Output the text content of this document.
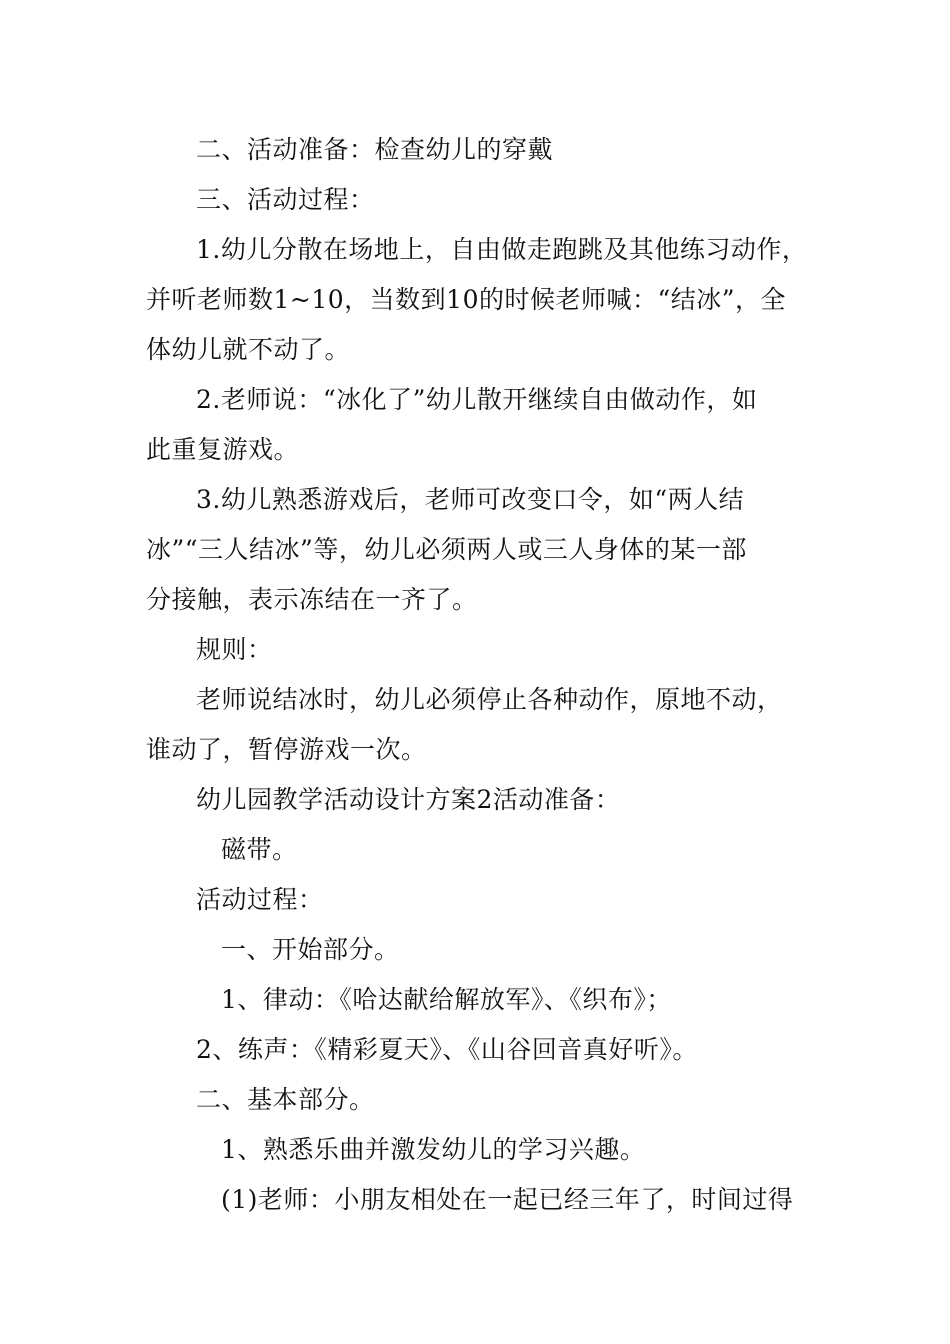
二、活动准备：检查幼儿的穿戴
三、活动过程：
1.幼儿分散在场地上，自由做走跑跳及其他练习动作，
并听老师数1~10，当数到10的时候老师喊：“结冰”，全
体幼儿就不动了。
2.老师说：“冰化了”幼儿散开继续自由做动作，如
此重复游戏。
3.幼儿熟悉游戏后，老师可改变口令，如“两人结
冰”“三人结冰”等，幼儿必须两人或三人身体的某一部
分接触，表示冻结在一齐了。
规则：
老师说结冰时，幼儿必须停止各种动作，原地不动，
谁动了，暂停游戏一次。
幼儿园教学活动设计方案2活动准备：
磁带。
活动过程：
一、开始部分。
1、律动：《哈达献给解放军》、《织布》；
2、练声：《精彩夏天》、《山谷回音真好听》。
二、基本部分。
1、熟悉乐曲并激发幼儿的学习兴趣。
(1)老师：小朋友相处在一起已经三年了，时间过得
